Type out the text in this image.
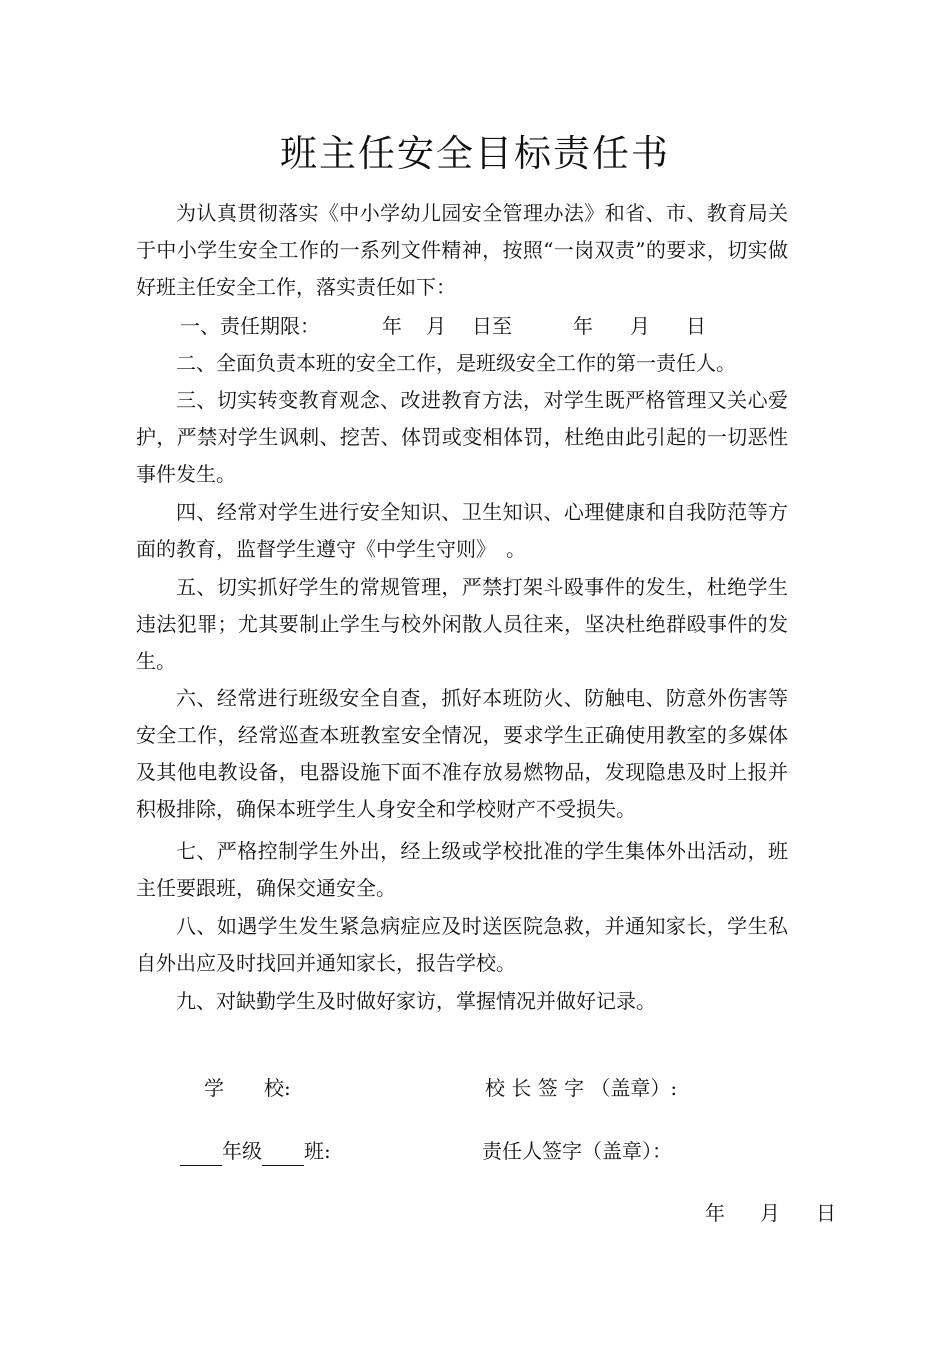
班主任安全目标责任书

为认真贯彻落实《中小学幼儿园安全管理办法》和省、市、教育局关于中小学生安全工作的一系列文件精神，按照“一岗双责”的要求，切实做好班主任安全工作，落实责任如下：

一、责任期限：	年 月 日至	年 月 日

二、全面负责本班的安全工作，是班级安全工作的第一责任人。

三、切实转变教育观念、改进教育方法，对学生既严格管理又关心爱护，严禁对学生讽刺、挖苦、体罚或变相体罚，杜绝由此引起的一切恶性事件发生。

四、经常对学生进行安全知识、卫生知识、心理健康和自我防范等方面的教育，监督学生遵守《中学生守则》　。

五、切实抓好学生的常规管理，严禁打架斗殴事件的发生，杜绝学生违法犯罪；尤其要制止学生与校外闲散人员往来，坚决杜绝群殴事件的发生。

六、经常进行班级安全自查，抓好本班防火、防触电、防意外伤害等安全工作，经常巡查本班教室安全情况，要求学生正确使用教室的多媒体及其他电教设备，电器设施下面不准存放易燃物品，发现隐患及时上报并积极排除，确保本班学生人身安全和学校财产不受损失。

七、严格控制学生外出，经上级或学校批准的学生集体外出活动，班主任要跟班，确保交通安全。

八、如遇学生发生紧急病症应及时送医院急救，并通知家长，学生私自外出应及时找回并通知家长，报告学校。

九、对缺勤学生及时做好家访，掌握情况并做好记录。

学　　校:	校 长 签 字 （盖章）:
年级 班:	责任人签字（盖章）：
年 月 日
